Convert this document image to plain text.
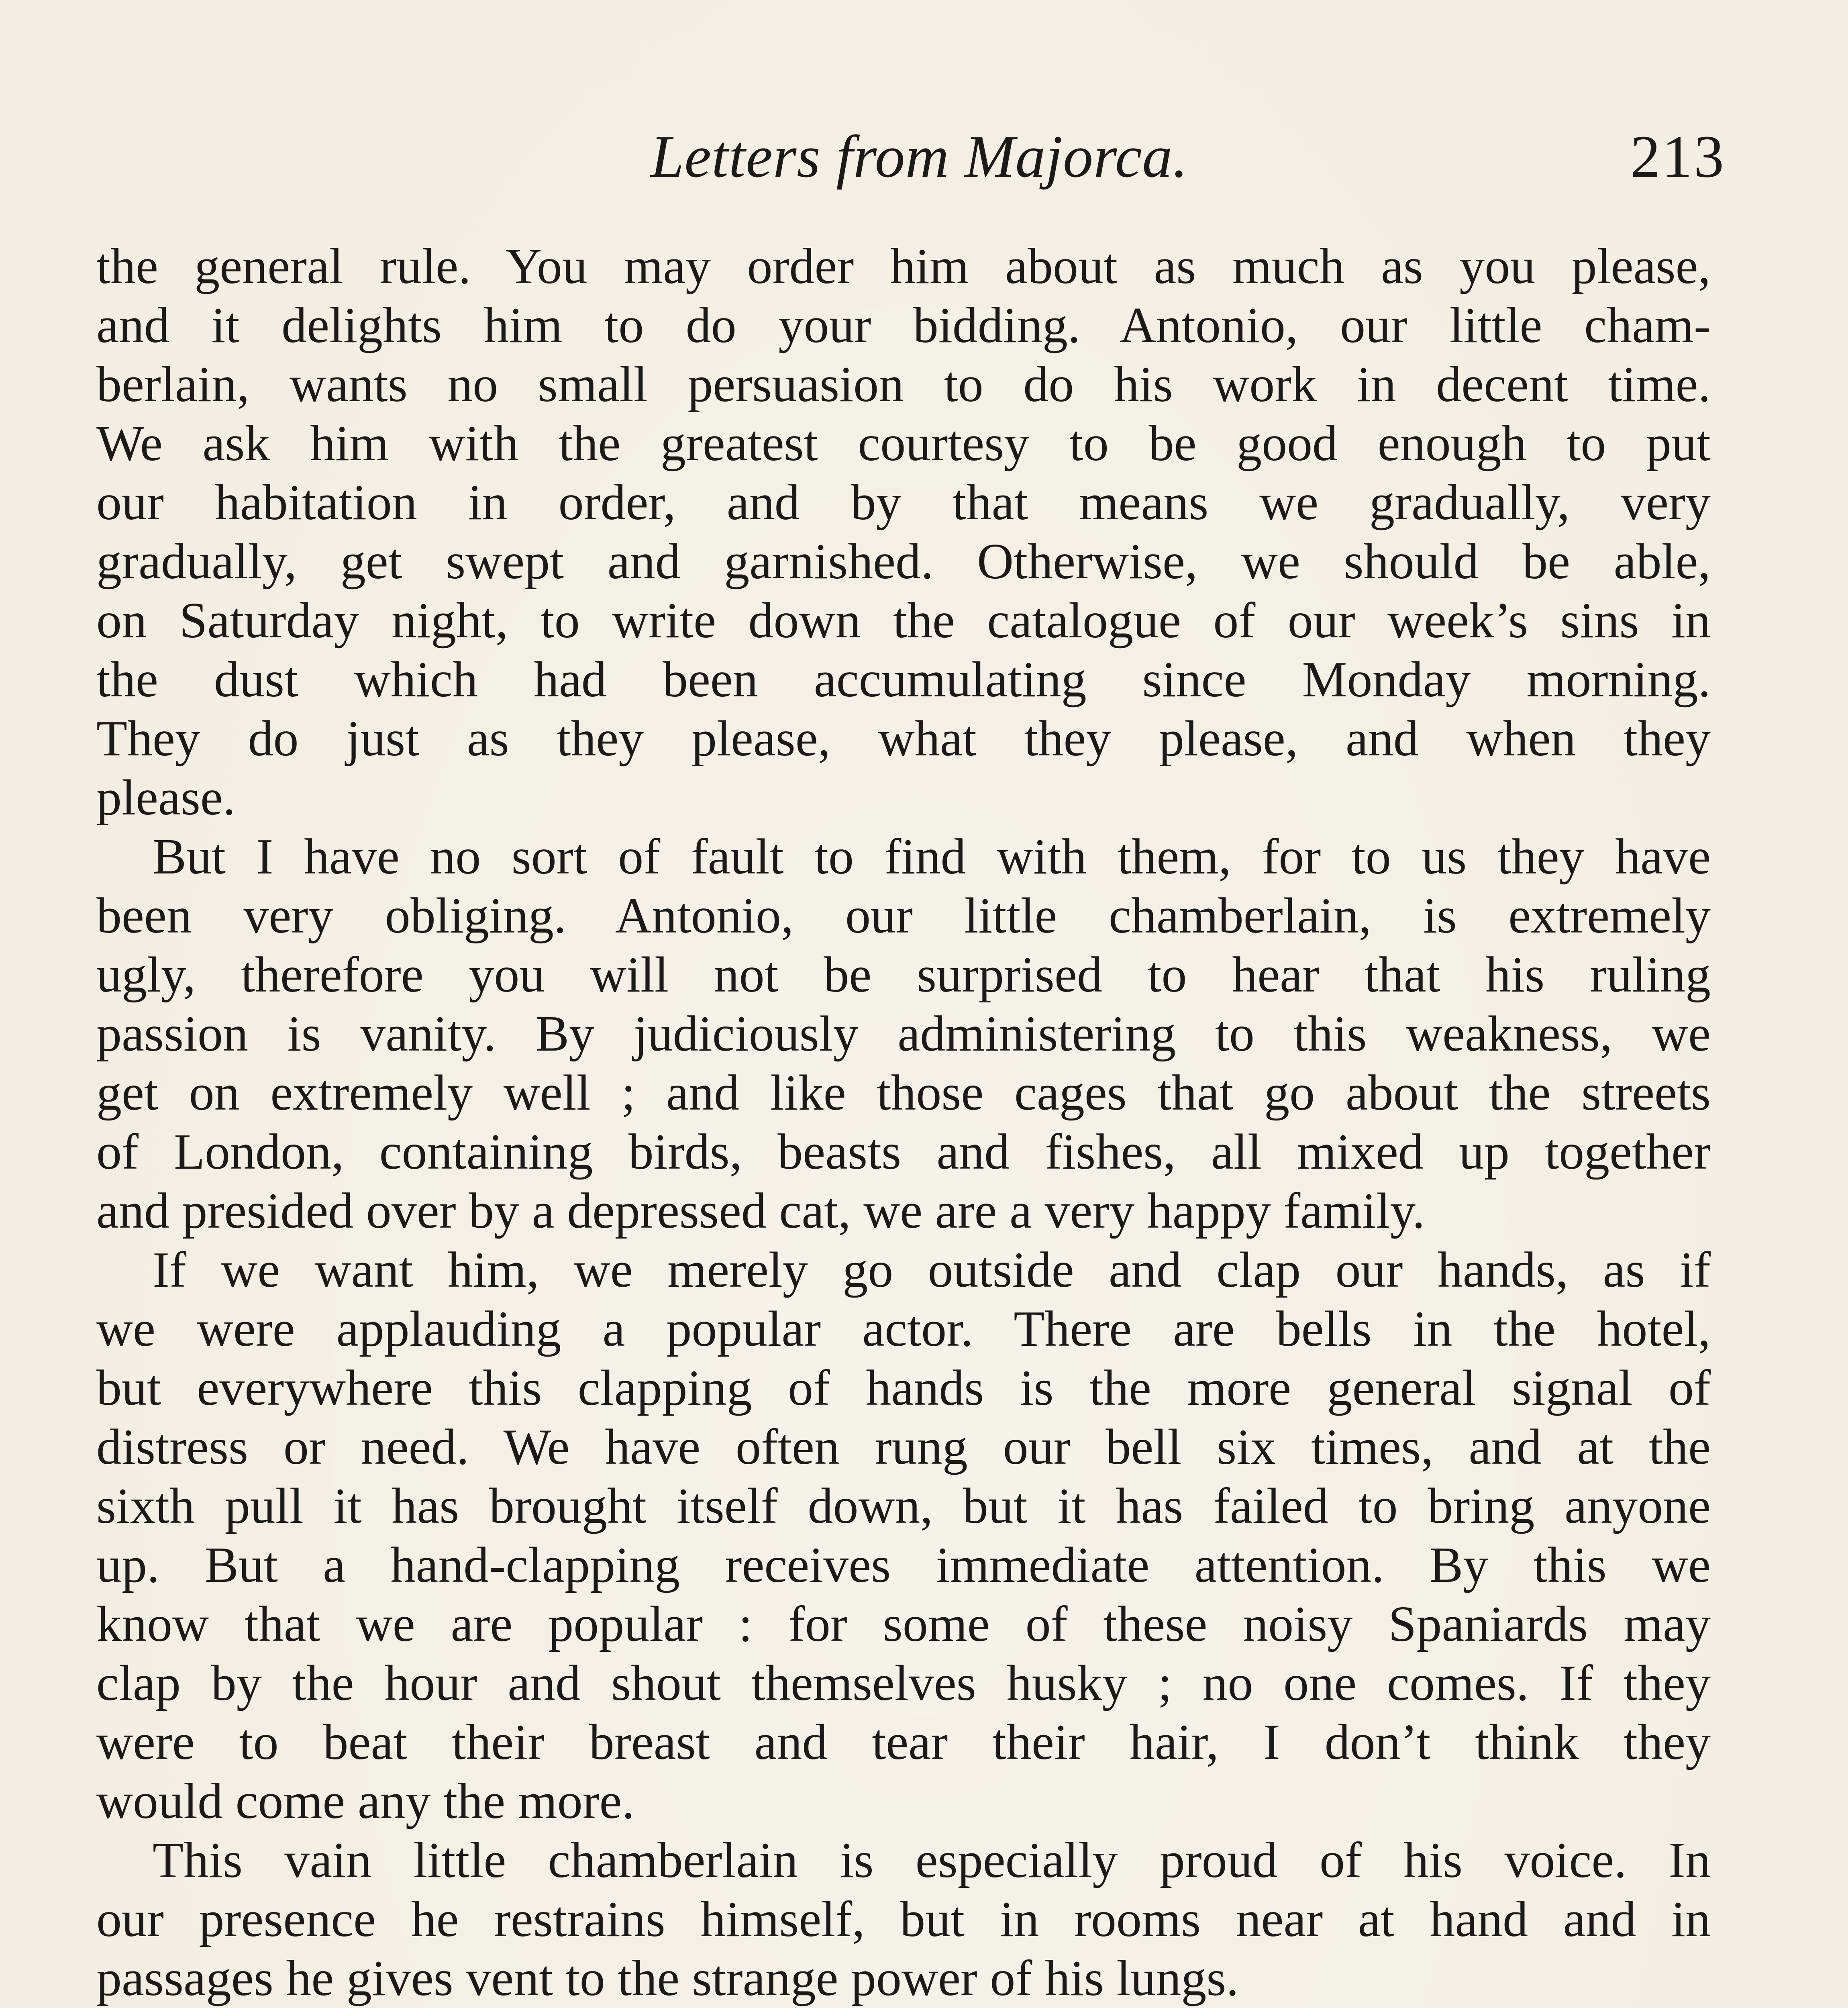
Letters from Majorca.	213
the general rule. You may order him about as much as you please,
and it delights him to do your bidding. Antonio, our little cham-
berlain, wants no small persuasion to do his work in decent time.
We ask him with the greatest courtesy to be good enough to put
our habitation in order, and by that means we gradually, very
gradually, get swept and garnished. Otherwise, we should be able,
on Saturday night, to write down the catalogue of our week’s sins in
the dust which had been accumulating since Monday morning.
They do just as they please, what they please, and when they
please.
But I have no sort of fault to find with them, for to us they have
been very obliging. Antonio, our little chamberlain, is extremely
ugly, therefore you will not be surprised to hear that his ruling
passion is vanity. By judiciously administering to this weakness, we
get on extremely well ; and like those cages that go about the streets
of London, containing birds, beasts and fishes, all mixed up together
and presided over by a depressed cat, we are a very happy family.
If we want him, we merely go outside and clap our hands, as if
we were applauding a popular actor. There are bells in the hotel,
but everywhere this clapping of hands is the more general signal of
distress or need. We have often rung our bell six times, and at the
sixth pull it has brought itself down, but it has failed to bring anyone
up. But a hand-clapping receives immediate attention. By this we
know that we are popular : for some of these noisy Spaniards may
clap by the hour and shout themselves husky ; no one comes. If they
were to beat their breast and tear their hair, I don’t think they
would come any the more.
This vain little chamberlain is especially proud of his voice. In
our presence he restrains himself, but in rooms near at hand and in
passages he gives vent to the strange power of his lungs.
